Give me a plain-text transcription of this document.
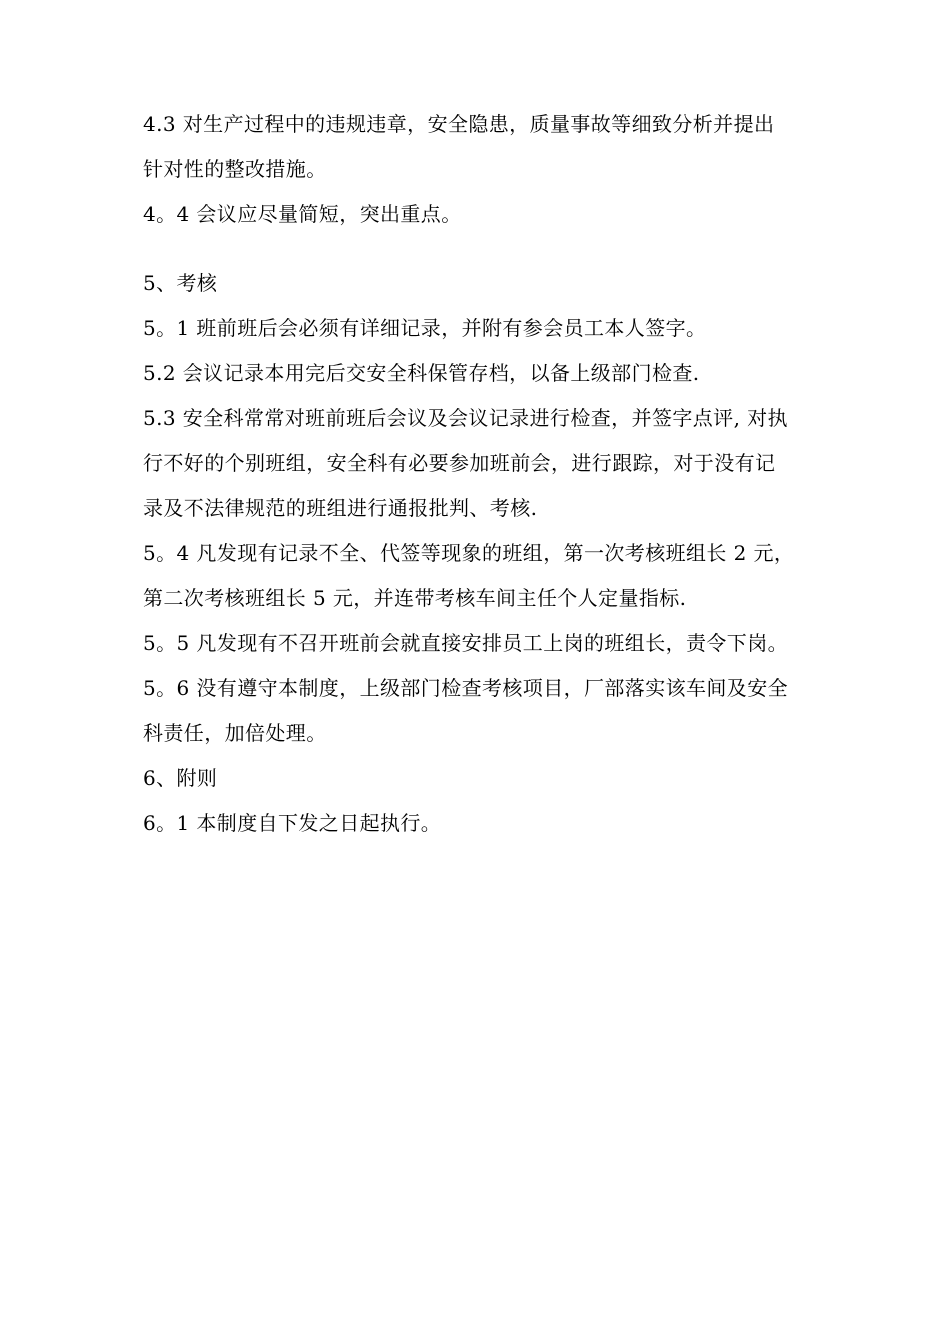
4.3 对生产过程中的违规违章，安全隐患，质量事故等细致分析并提出
针对性的整改措施。
4。4 会议应尽量简短，突出重点。
5、考核
5。1 班前班后会必须有详细记录，并附有参会员工本人签字。
5.2 会议记录本用完后交安全科保管存档，以备上级部门检查.
5.3 安全科常常对班前班后会议及会议记录进行检查，并签字点评, 对执
行不好的个别班组，安全科有必要参加班前会，进行跟踪，对于没有记
录及不法律规范的班组进行通报批判、考核.
5。4 凡发现有记录不全、代签等现象的班组，第一次考核班组长 2 元，
第二次考核班组长 5 元，并连带考核车间主任个人定量指标.
5。5 凡发现有不召开班前会就直接安排员工上岗的班组长，责令下岗。
5。6 没有遵守本制度，上级部门检查考核项目，厂部落实该车间及安全
科责任，加倍处理。
6、附则
6。1 本制度自下发之日起执行。
